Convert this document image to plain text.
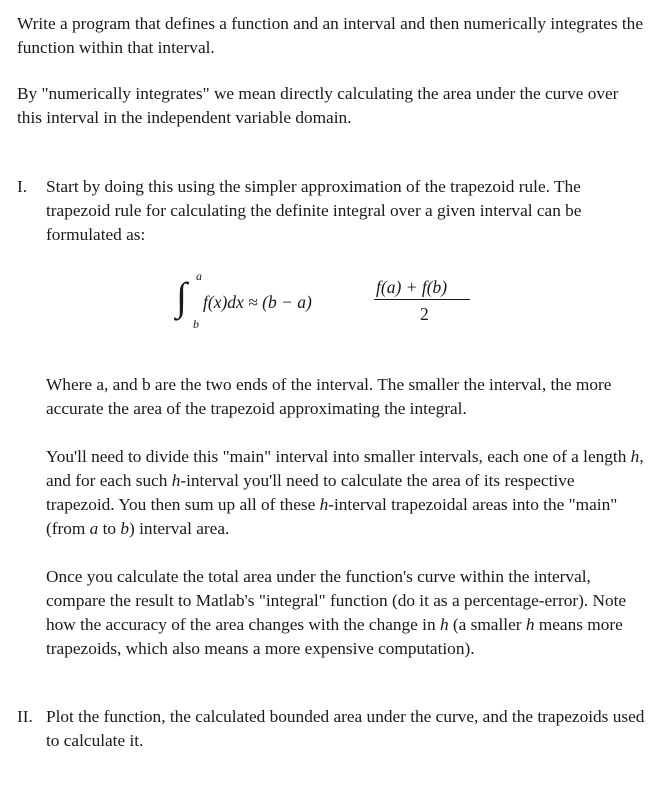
Write a program that defines a function and an interval and then numerically integrates the function within that interval.

By "numerically integrates" we mean directly calculating the area under the curve over this interval in the independent variable domain.

I. Start by doing this using the simpler approximation of the trapezoid rule. The trapezoid rule for calculating the definite integral over a given interval can be formulated as:

∫ a
b
f(x)dx ≈ (b − a)
f(a) + f(b)
2

Where a, and b are the two ends of the interval. The smaller the interval, the more accurate the area of the trapezoid approximating the integral.

You'll need to divide this "main" interval into smaller intervals, each one of a length h, and for each such h-interval you'll need to calculate the area of its respective trapezoid. You then sum up all of these h-interval trapezoidal areas into the "main" (from a to b) interval area.

Once you calculate the total area under the function's curve within the interval, compare the result to Matlab's "integral" function (do it as a percentage-error). Note how the accuracy of the area changes with the change in h (a smaller h means more trapezoids, which also means a more expensive computation).

II. Plot the function, the calculated bounded area under the curve, and the trapezoids used to calculate it.
